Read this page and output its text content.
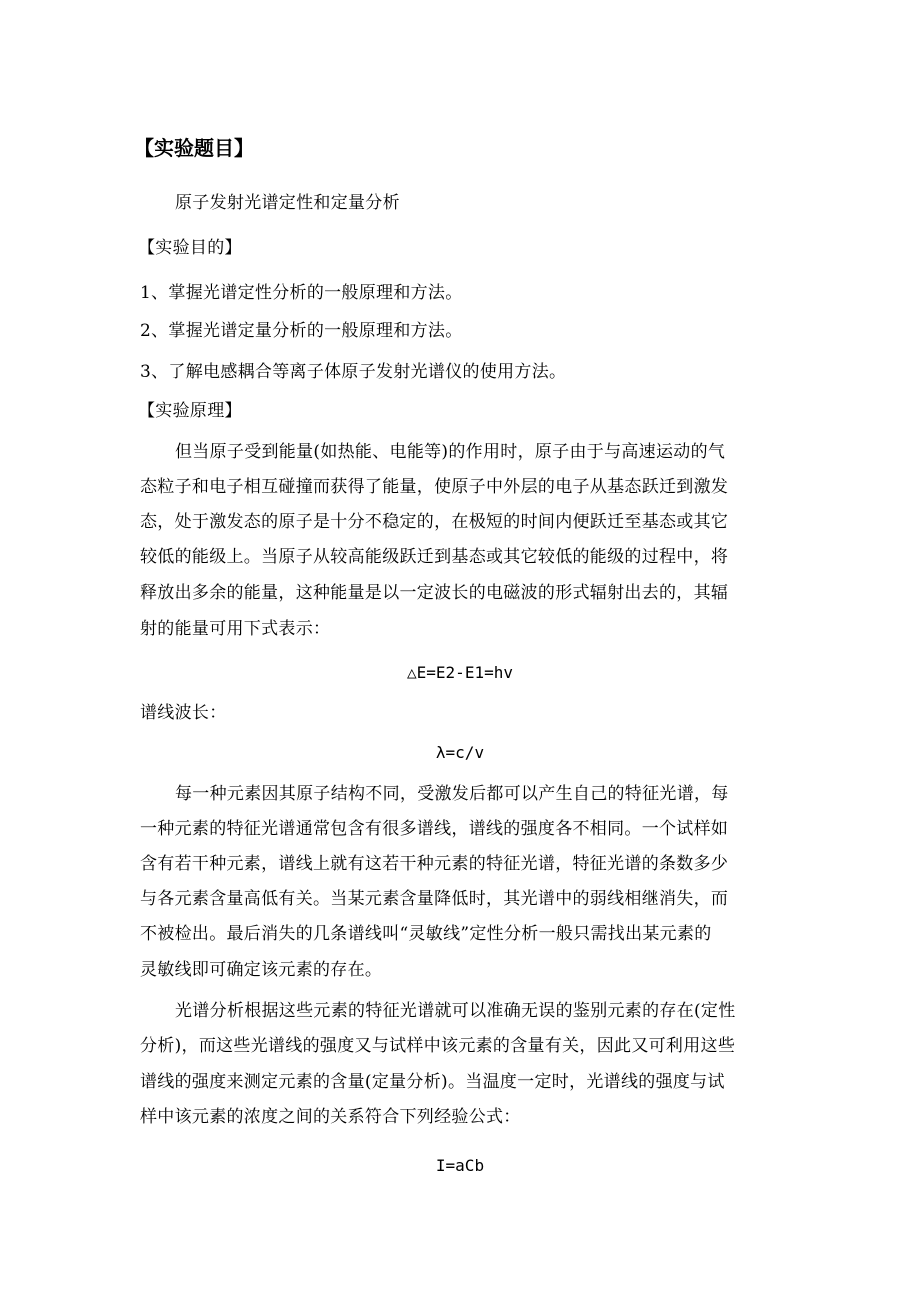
【实验题目】
原子发射光谱定性和定量分析
【实验目的】
1、掌握光谱定性分析的一般原理和方法。
2、掌握光谱定量分析的一般原理和方法。
3、了解电感耦合等离子体原子发射光谱仪的使用方法。
【实验原理】
但当原子受到能量(如热能、电能等)的作用时，原子由于与高速运动的气
态粒子和电子相互碰撞而获得了能量，使原子中外层的电子从基态跃迁到激发
态，处于激发态的原子是十分不稳定的，在极短的时间内便跃迁至基态或其它
较低的能级上。当原子从较高能级跃迁到基态或其它较低的能级的过程中，将
释放出多余的能量，这种能量是以一定波长的电磁波的形式辐射出去的，其辐
射的能量可用下式表示：
△E=E2-E1=hv
谱线波长：
λ=c/v
每一种元素因其原子结构不同，受激发后都可以产生自己的特征光谱，每
一种元素的特征光谱通常包含有很多谱线，谱线的强度各不相同。一个试样如
含有若干种元素，谱线上就有这若干种元素的特征光谱，特征光谱的条数多少
与各元素含量高低有关。当某元素含量降低时，其光谱中的弱线相继消失，而
不被检出。最后消失的几条谱线叫“灵敏线”定性分析一般只需找出某元素的
灵敏线即可确定该元素的存在。
光谱分析根据这些元素的特征光谱就可以准确无误的鉴别元素的存在(定性
分析)，而这些光谱线的强度又与试样中该元素的含量有关，因此又可利用这些
谱线的强度来测定元素的含量(定量分析)。当温度一定时，光谱线的强度与试
样中该元素的浓度之间的关系符合下列经验公式：
I=aCb
